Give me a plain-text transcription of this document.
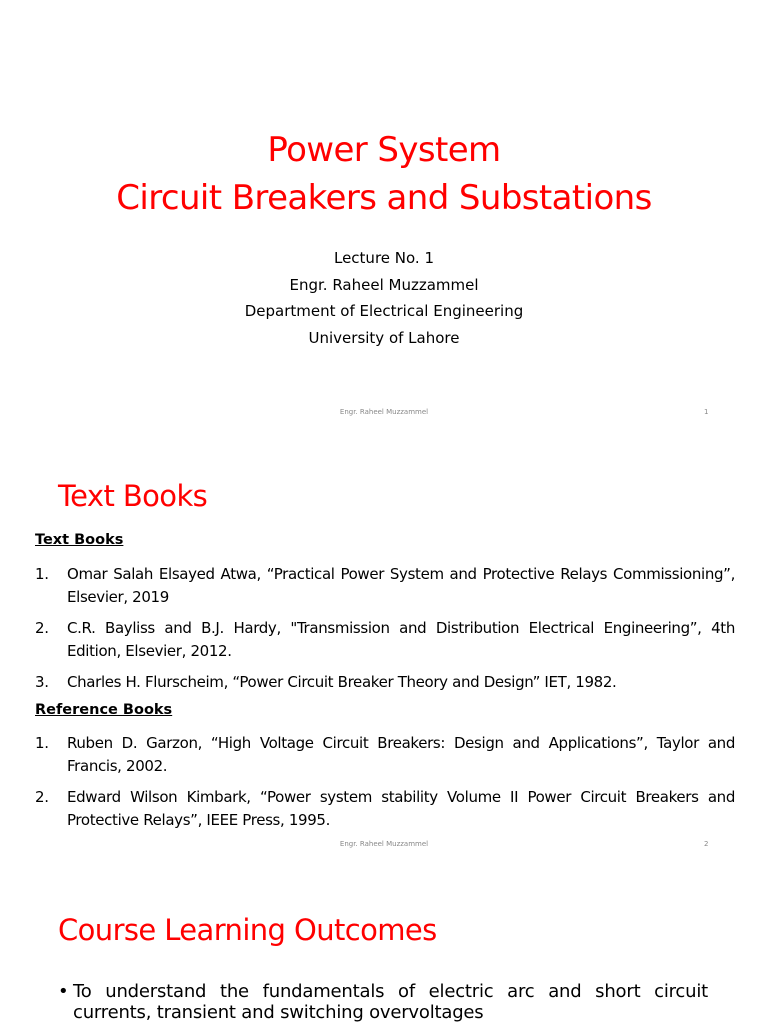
Power System
Circuit Breakers and Substations
Lecture No. 1
Engr. Raheel Muzzammel
Department of Electrical Engineering
University of Lahore
Engr. Raheel Muzzammel	1
Text Books
Text Books
1. Omar Salah Elsayed Atwa, “Practical Power System and Protective Relays Commissioning”, Elsevier, 2019
2. C.R. Bayliss and B.J. Hardy, "Transmission and Distribution Electrical Engineering”, 4th Edition, Elsevier, 2012.
3. Charles H. Flurscheim, “Power Circuit Breaker Theory and Design” IET, 1982.
Reference Books
1. Ruben D. Garzon, “High Voltage Circuit Breakers: Design and Applications”, Taylor and Francis, 2002.
2. Edward Wilson Kimbark, “Power system stability Volume II Power Circuit Breakers and Protective Relays”, IEEE Press, 1995.
Engr. Raheel Muzzammel	2
Course Learning Outcomes
• To understand the fundamentals of electric arc and short circuit currents, transient and switching overvoltages
